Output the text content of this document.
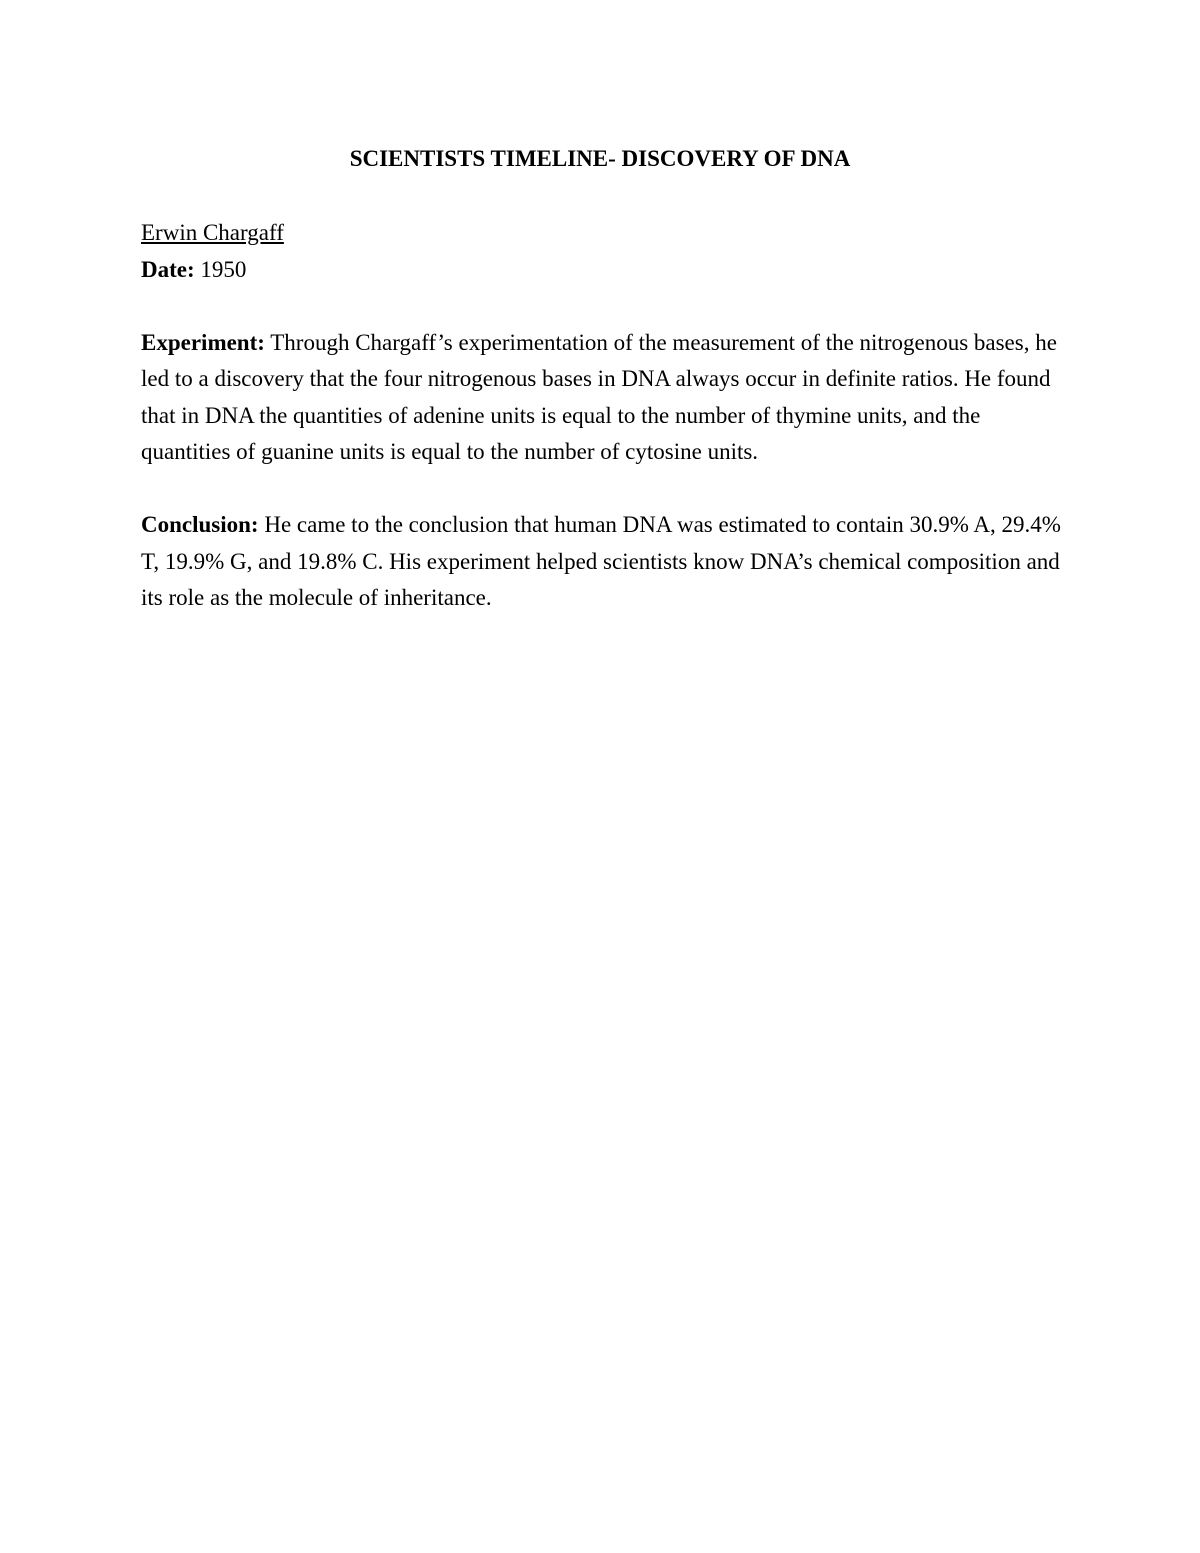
SCIENTISTS TIMELINE- DISCOVERY OF DNA

Erwin Chargaff

Date: 1950

Experiment: Through Chargaff’s experimentation of the measurement of the nitrogenous bases, he led to a discovery that the four nitrogenous bases in DNA always occur in definite ratios. He found that in DNA the quantities of adenine units is equal to the number of thymine units, and the quantities of guanine units is equal to the number of cytosine units.

Conclusion: He came to the conclusion that human DNA was estimated to contain 30.9% A, 29.4% T, 19.9% G, and 19.8% C. His experiment helped scientists know DNA’s chemical composition and its role as the molecule of inheritance.
